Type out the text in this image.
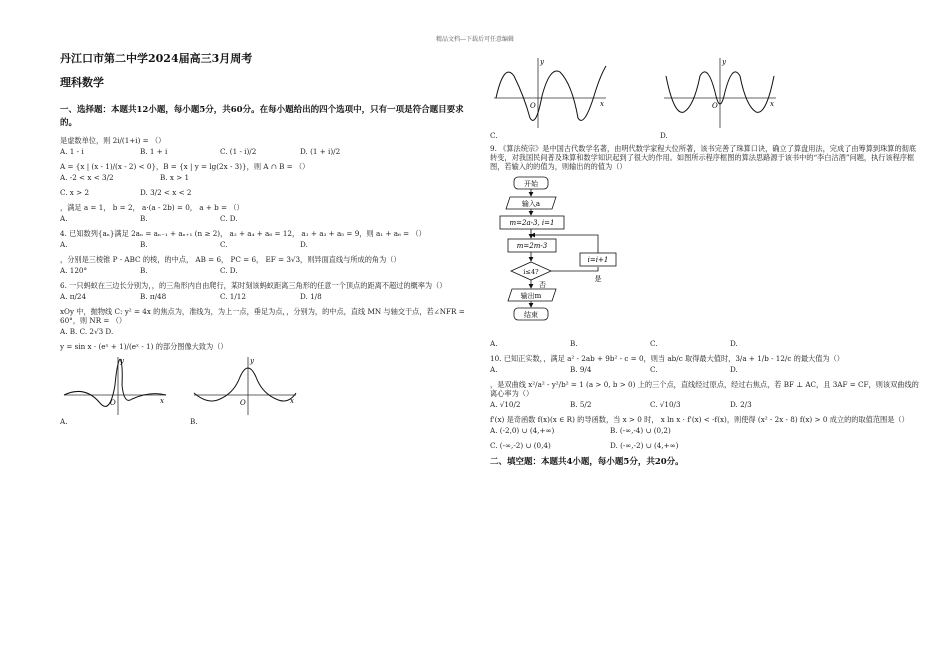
精品文档---下载后可任意编辑
丹江口市第二中学2024届高三3月周考
理科数学
一、选择题：本题共12小题，每小题5分，共60分。在每小题给出的四个选项中，只有一项是符合题目要求的。

是虚数单位，则 2i/(1+i) = （）

A. 1 - i	B. 1 + i	C. (1 - i)/2	D. (1 + i)/2

A = {x | (x - 1)/(x - 2) < 0}，B = {x | y = lg(2x - 3)}，则 A ∩ B = （）

A. -2 < x < 3/2	B. x > 1
C. x > 2	D. 3/2 < x < 2

，满足 a = 1， b = 2， a·(a - 2b) = 0， a + b = （）

A.	B.	C. D.

4. 已知数列{aₙ}满足 2aₙ = aₙ₋₁ + aₙ₊₁ (n ≥ 2)， a₂ + a₄ + a₆ = 12， a₁ + a₃ + a₅ = 9，则 a₁ + a₆ = （）

A.	B.	C.	D.

，分别是三棱锥 P - ABC 的棱，的中点， AB = 6， PC = 6， EF = 3√3，则异面直线与所成的角为（）

A. 120°	B.	C. D.

6. 一只蚂蚁在三边长分别为，，的三角形内自由爬行，某时刻该蚂蚁距离三角形的任意一个顶点的距离不超过的概率为（）

A. π/24	B. π/48	C. 1/12	D. 1/8

xOy 中，抛物线 C: y² = 4x 的焦点为，准线为，为上一点，垂足为点，，分别为，的中点，直线 MN 与轴交于点，若∠NFR = 60°，则 NR = （）

A. B. C. 2√3 D.

y = sin x · (eˣ + 1)/(eˣ - 1) 的部分图像大致为（）

y
x
O
A.
y
x
O
B.
y
x
O
C.
y
x
O
D.

9. 《算法统宗》是中国古代数学名著，由明代数学家程大位所著，该书完善了珠算口诀，确立了算盘用法，完成了由筹算到珠算的彻底转变，对我国民间普及珠算和数学知识起到了很大的作用。如图所示程序框图的算法思路源于该书中的“李白沽酒”问题，执行该程序框图，若输入的的值为，则输出的的值为（）

开始
输入a
m=2a-3, i=1
m=2m-3
i≤4?
i=i+1
是
否
输出m
结束
A.	B.	C.	D.

10. 已知正实数，，满足 a² - 2ab + 9b² - c = 0，则当 ab/c 取得最大值时，3/a + 1/b - 12/c 的最大值为（）

A.	B. 9/4	C.	D.

，是双曲线 x²/a² - y²/b² = 1 (a > 0, b > 0) 上的三个点，直线经过原点，经过右焦点，若 BF ⊥ AC，且 3AF = CF，则该双曲线的离心率为（）

A. √10/2	B. 5/2	C. √10/3	D. 2/3

f'(x) 是奇函数 f(x)(x ∈ R) 的导函数，当 x > 0 时， x ln x · f'(x) < -f(x)，则使得 (x² - 2x - 8) f(x) > 0 成立的的取值范围是（）

A. (-2,0) ∪ (4,+∞)	B. (-∞,-4) ∪ (0,2)
C. (-∞,-2) ∪ (0,4)	D. (-∞,-2) ∪ (4,+∞)
二、填空题：本题共4小题，每小题5分，共20分。
